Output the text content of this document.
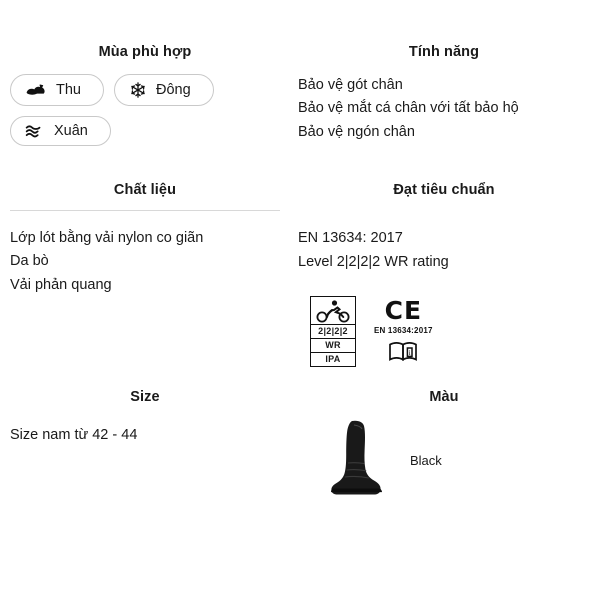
Mùa phù hợp
Thu	Đông
Xuân
Tính năng
Bảo vệ gót chân
Bảo vệ mắt cá chân với tất bảo hộ
Bảo vệ ngón chân
Chất liệu
Lớp lót bằng vải nylon co giãn
Da bò
Vải phản quang
Đạt tiêu chuẩn
EN 13634: 2017
Level 2|2|2|2 WR rating
2|2|2|2
WR
IPA
CE
EN 13634:2017
i
Size
Size nam từ 42 - 44
Màu
Black
